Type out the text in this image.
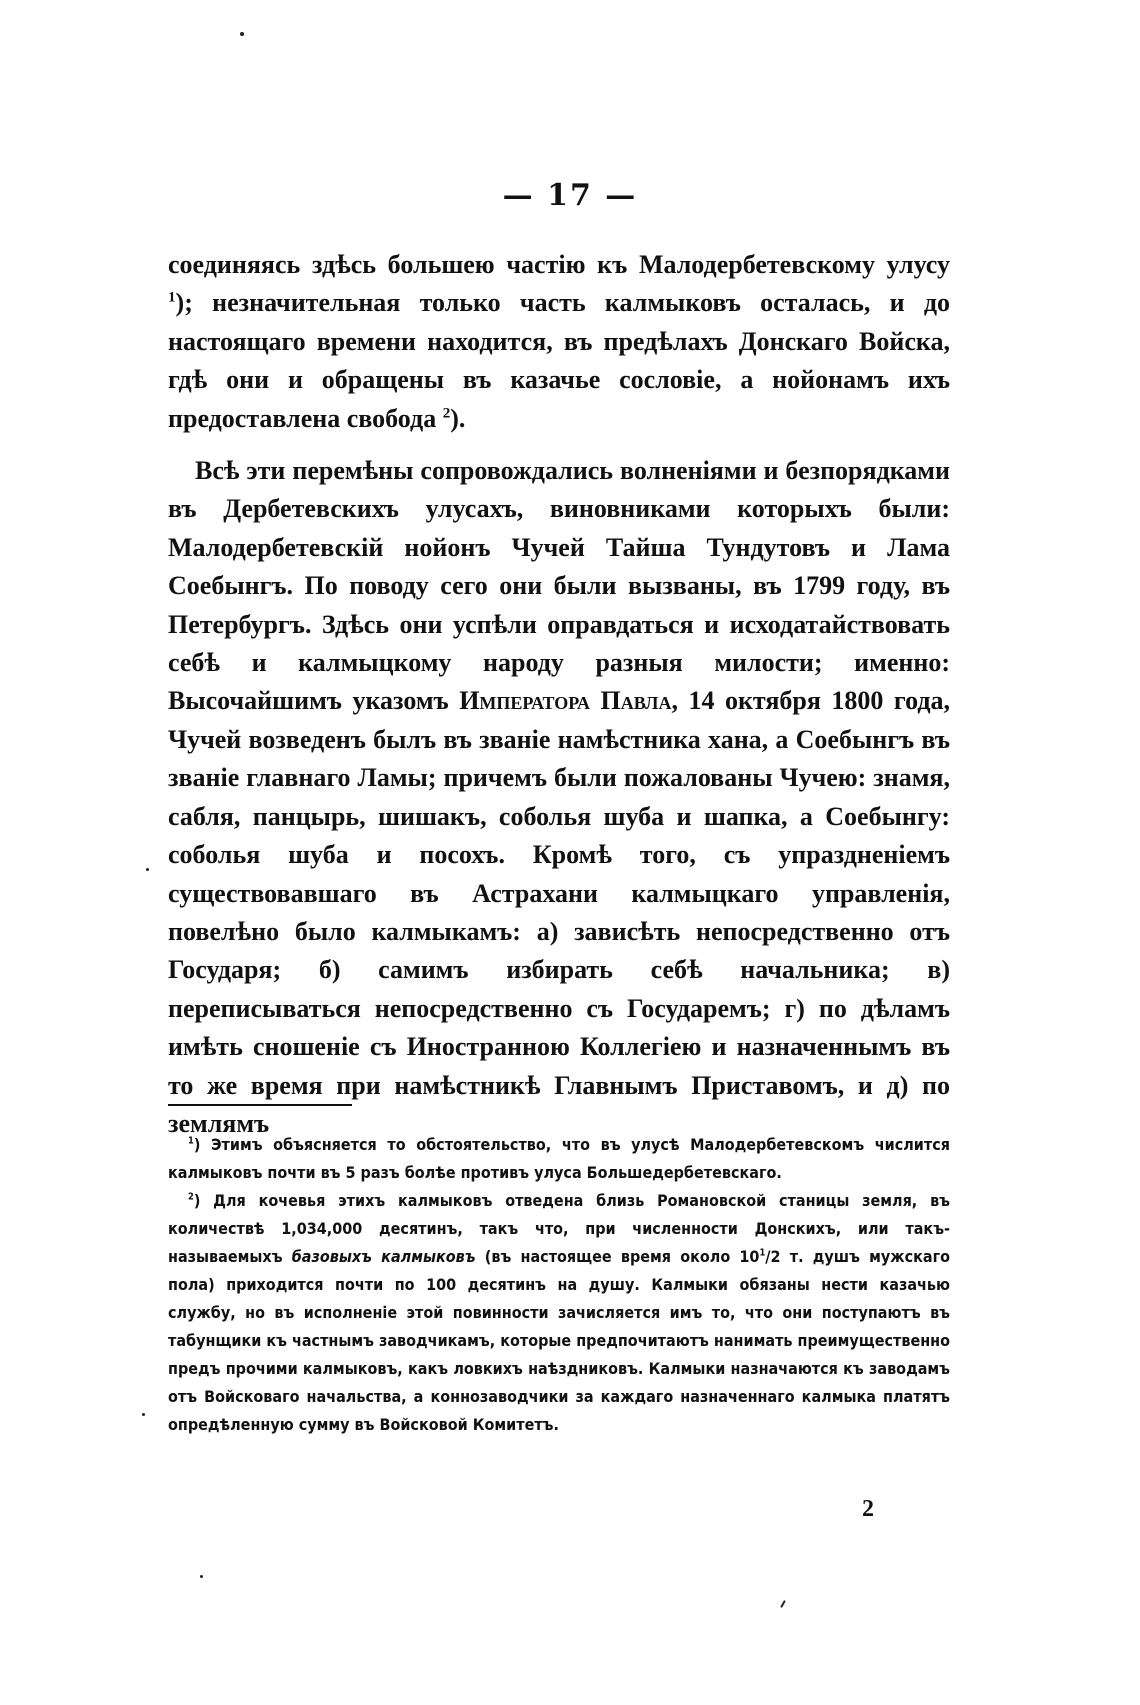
— 17 —

соединяясь здѣсь большею частію къ Малодербетевскому улусу $^1$); незначительная только часть калмыковъ осталась, и до настоящаго времени находится, въ предѣлахъ Донскаго Войска, гдѣ они и обращены въ казачье сословіе, а нойонамъ ихъ предоставлена свобода $^2$).

Всѣ эти перемѣны сопровождались волненіями и безпорядками въ Дербетевскихъ улусахъ, виновниками которыхъ были: Малодербетевскій нойонъ Чучей Тайша Тундутовъ и Лама Соебынгъ. По поводу сего они были вызваны, въ 1799 году, въ Петербургъ. Здѣсь они успѣли оправдаться и исходатайствовать себѣ и калмыцкому народу разныя милости; именно: Высочайшимъ указомъ Императора Павла, 14 октября 1800 года, Чучей возведенъ былъ въ званіе намѣстника хана, а Соебынгъ въ званіе главнаго Ламы; причемъ были пожалованы Чучею: знамя, сабля, панцырь, шишакъ, соболья шуба и шапка, а Соебынгу: соболья шуба и посохъ. Кромѣ того, съ упраздненіемъ существовавшаго въ Астрахани калмыцкаго управленія, повелѣно было калмыкамъ: а) зависѣть непосредственно отъ Государя; б) самимъ избирать себѣ начальника; в) переписываться непосредственно съ Государемъ; г) по дѣламъ имѣть сношеніе съ Иностранною Коллегіею и назначеннымъ въ то же время при намѣстникѣ Главнымъ Приставомъ, и д) по землямъ

$^1$) Этимъ объясняется то обстоятельство, что въ улусѣ Малодербетевскомъ числится калмыковъ почти въ 5 разъ болѣе противъ улуса Большедербетевскаго.

$^2$) Для кочевья этихъ калмыковъ отведена близь Романовской станицы земля, въ количествѣ 1,034,000 десятинъ, такъ что, при численности Донскихъ, или такъ-называемыхъ базовыхъ калмыковъ (въ настоящее время около $10^1/2$ т. душъ мужскаго пола) приходится почти по 100 десятинъ на душу. Калмыки обязаны нести казачью службу, но въ исполненіе этой повинности зачисляется имъ то, что они поступаютъ въ табунщики къ частнымъ заводчикамъ, которые предпочитаютъ нанимать преимущественно предъ прочими калмыковъ, какъ ловкихъ наѣздниковъ. Калмыки назначаются къ заводамъ отъ Войсковаго начальства, а коннозаводчики за каждаго назначеннаго калмыка платятъ опредѣленную сумму въ Войсковой Комитетъ.

2
